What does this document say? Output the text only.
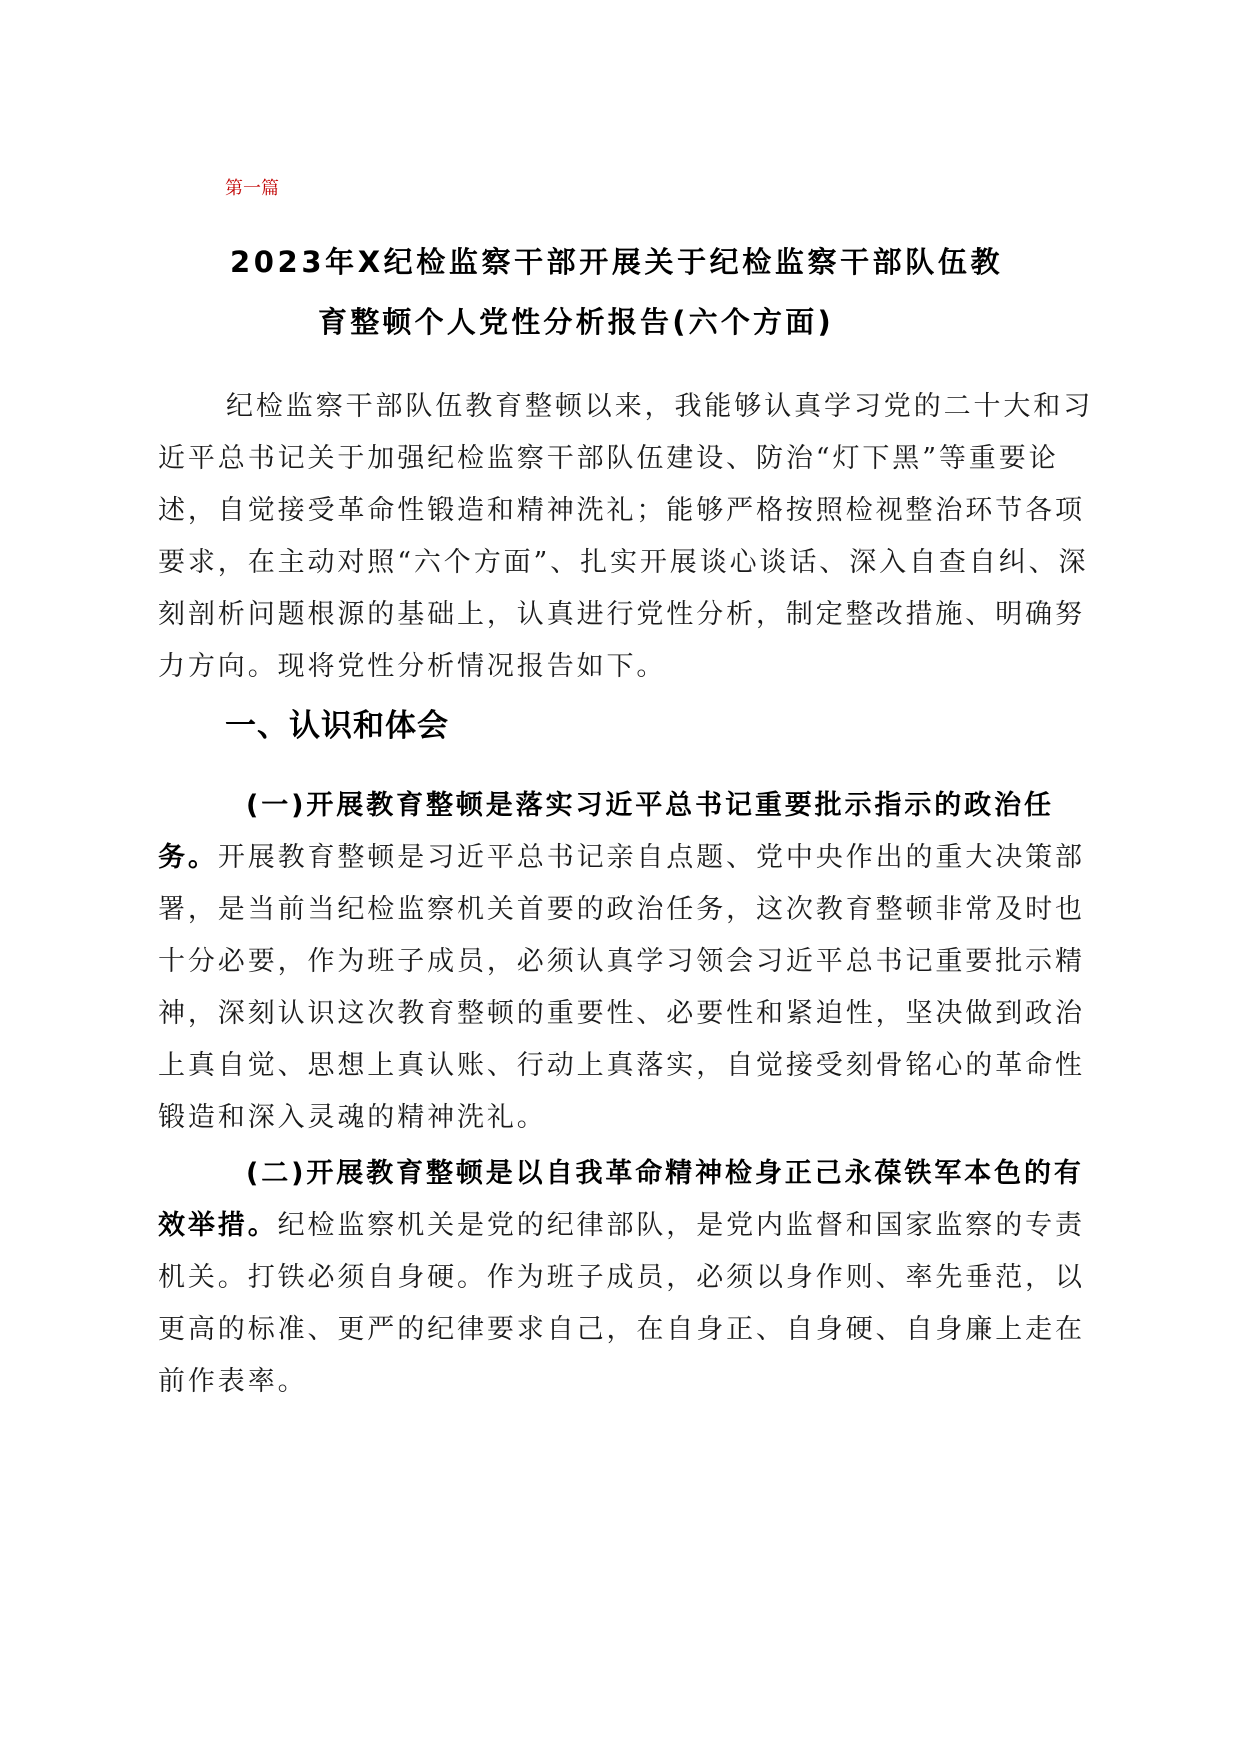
第一篇
2023年X纪检监察干部开展关于纪检监察干部队伍教
育整顿个人党性分析报告(六个方面)

纪检监察干部队伍教育整顿以来，我能够认真学习党的二十大和习近平总书记关于加强纪检监察干部队伍建设、防治“灯下黑”等重要论述，自觉接受革命性锻造和精神洗礼；能够严格按照检视整治环节各项要求，在主动对照“六个方面”、扎实开展谈心谈话、深入自查自纠、深刻剖析问题根源的基础上，认真进行党性分析，制定整改措施、明确努力方向。现将党性分析情况报告如下。

一、认识和体会

(一)开展教育整顿是落实习近平总书记重要批示指示的政治任务。开展教育整顿是习近平总书记亲自点题、党中央作出的重大决策部署，是当前当纪检监察机关首要的政治任务，这次教育整顿非常及时也十分必要，作为班子成员，必须认真学习领会习近平总书记重要批示精神，深刻认识这次教育整顿的重要性、必要性和紧迫性，坚决做到政治上真自觉、思想上真认账、行动上真落实，自觉接受刻骨铭心的革命性锻造和深入灵魂的精神洗礼。

(二)开展教育整顿是以自我革命精神检身正己永葆铁军本色的有效举措。纪检监察机关是党的纪律部队，是党内监督和国家监察的专责机关。打铁必须自身硬。作为班子成员，必须以身作则、率先垂范，以更高的标准、更严的纪律要求自己，在自身正、自身硬、自身廉上走在前作表率。
